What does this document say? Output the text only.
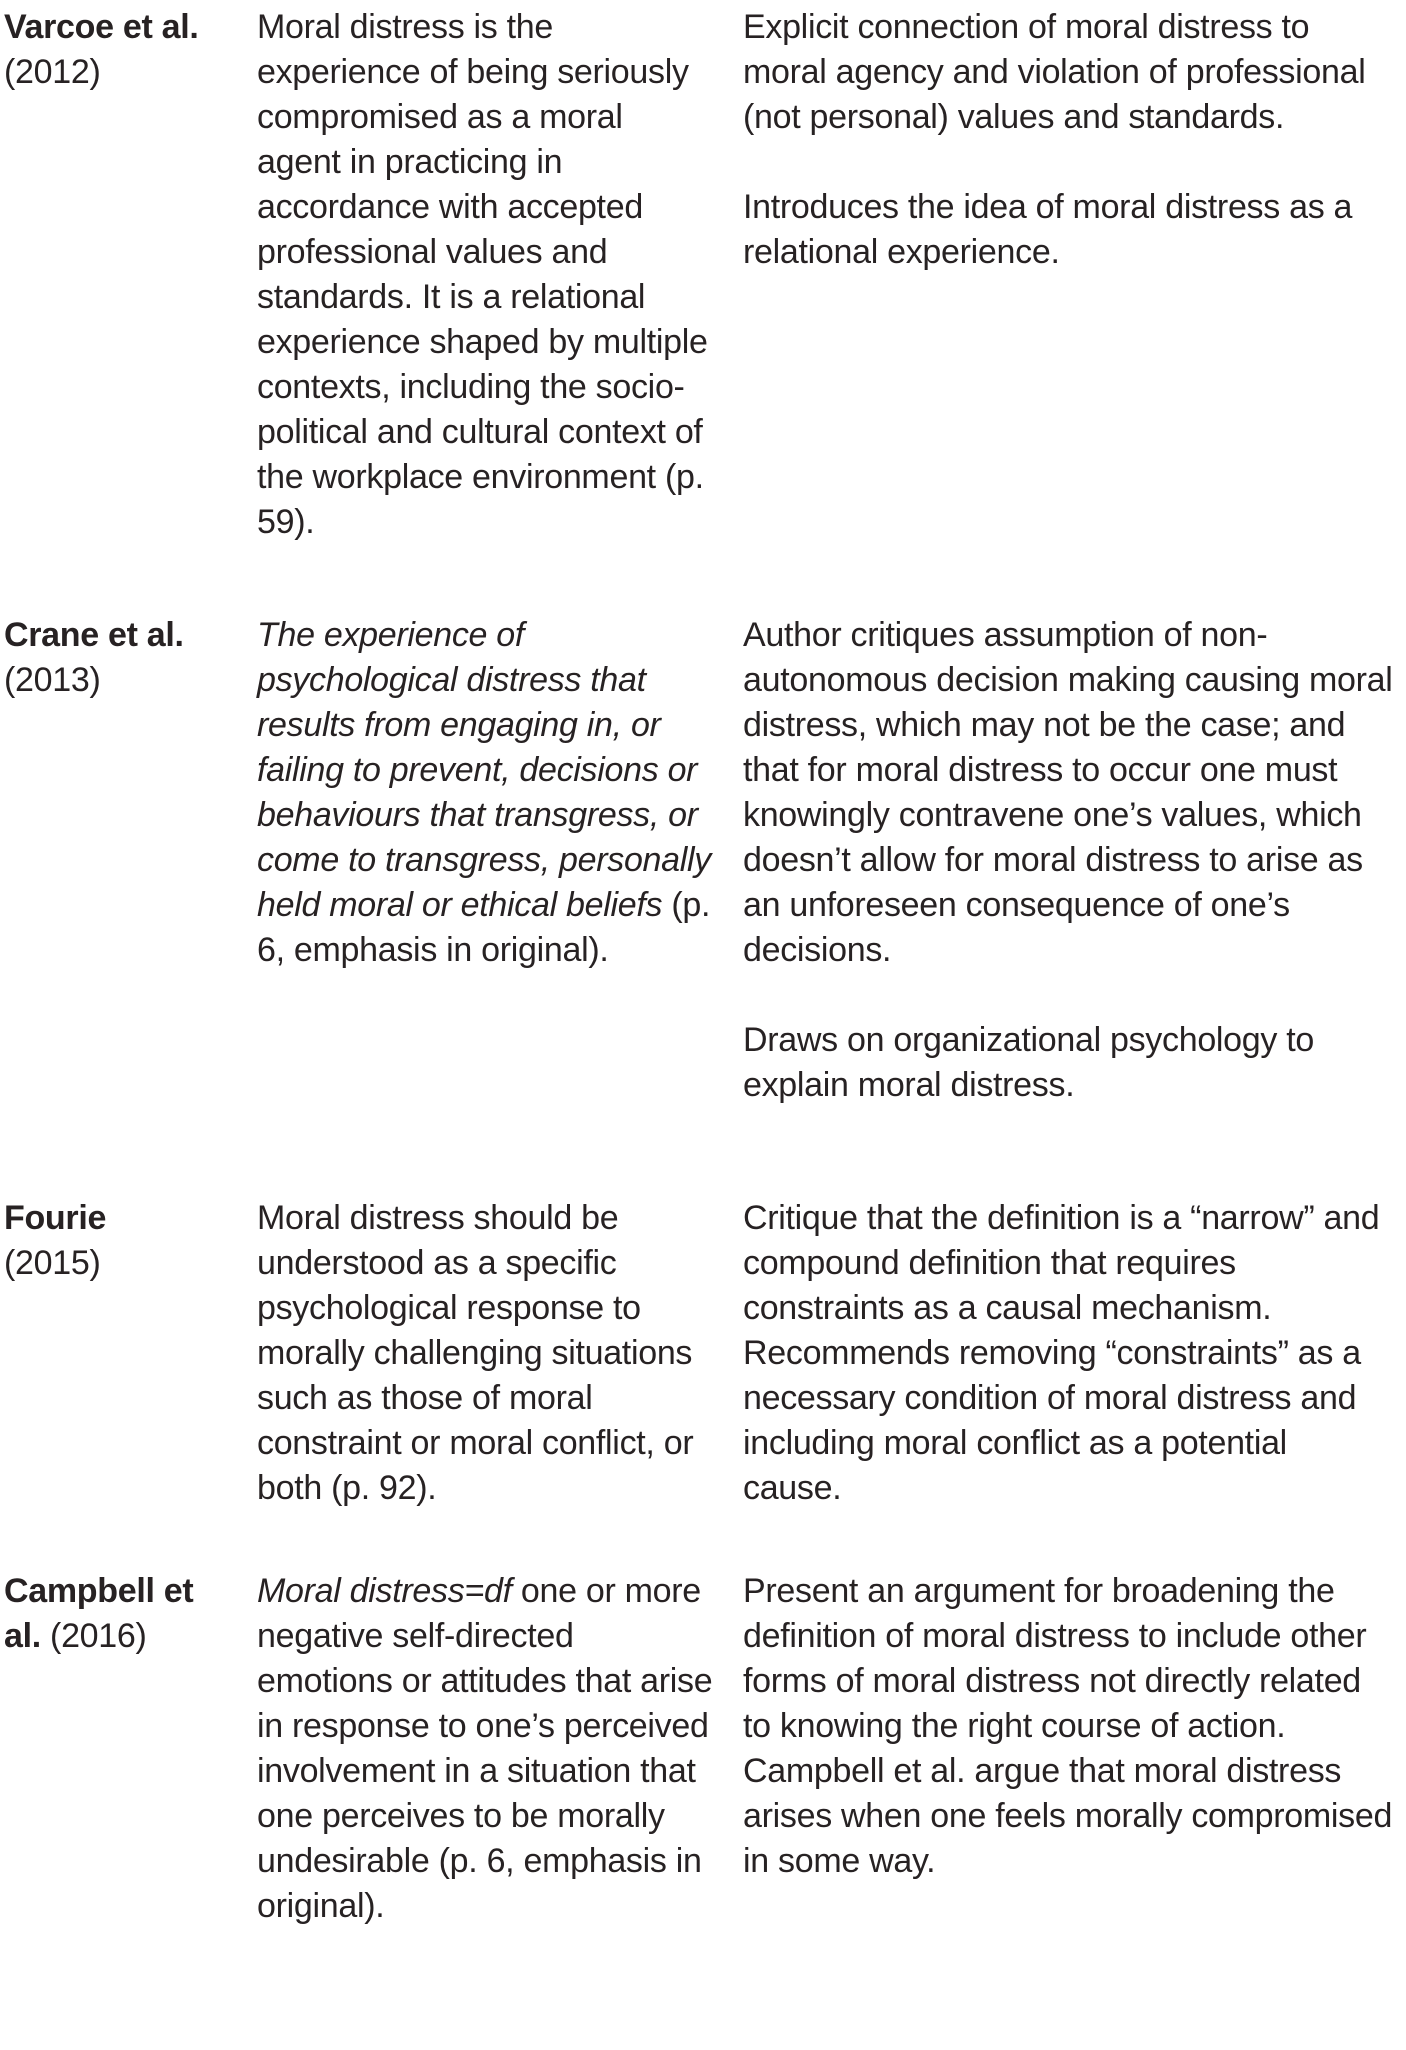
Varcoe et al.
(2012)
Moral distress is the experience of being seriously compromised as a moral agent in practicing in accordance with accepted professional values and standards. It is a relational experience shaped by multiple contexts, including the socio-political and cultural context of the workplace environment (p. 59).

Explicit connection of moral distress to moral agency and violation of professional (not personal) values and standards.

Introduces the idea of moral distress as a relational experience.

Crane et al.
(2013)
The experience of psychological distress that results from engaging in, or failing to prevent, decisions or behaviours that transgress, or come to transgress, personally held moral or ethical beliefs (p. 6, emphasis in original).

Author critiques assumption of non-autonomous decision making causing moral distress, which may not be the case; and that for moral distress to occur one must knowingly contravene one’s values, which doesn’t allow for moral distress to arise as an unforeseen consequence of one’s decisions.

Draws on organizational psychology to explain moral distress.

Fourie
(2015)
Moral distress should be understood as a specific psychological response to morally challenging situations such as those of moral constraint or moral conflict, or both (p. 92).

Critique that the definition is a “narrow” and compound definition that requires constraints as a causal mechanism. Recommends removing “constraints” as a necessary condition of moral distress and including moral conflict as a potential cause.

Campbell et
al. (2016)
Moral distress=df one or more negative self-directed emotions or attitudes that arise in response to one’s perceived involvement in a situation that one perceives to be morally undesirable (p. 6, emphasis in original).

Present an argument for broadening the definition of moral distress to include other forms of moral distress not directly related to knowing the right course of action. Campbell et al. argue that moral distress arises when one feels morally compromised in some way.
